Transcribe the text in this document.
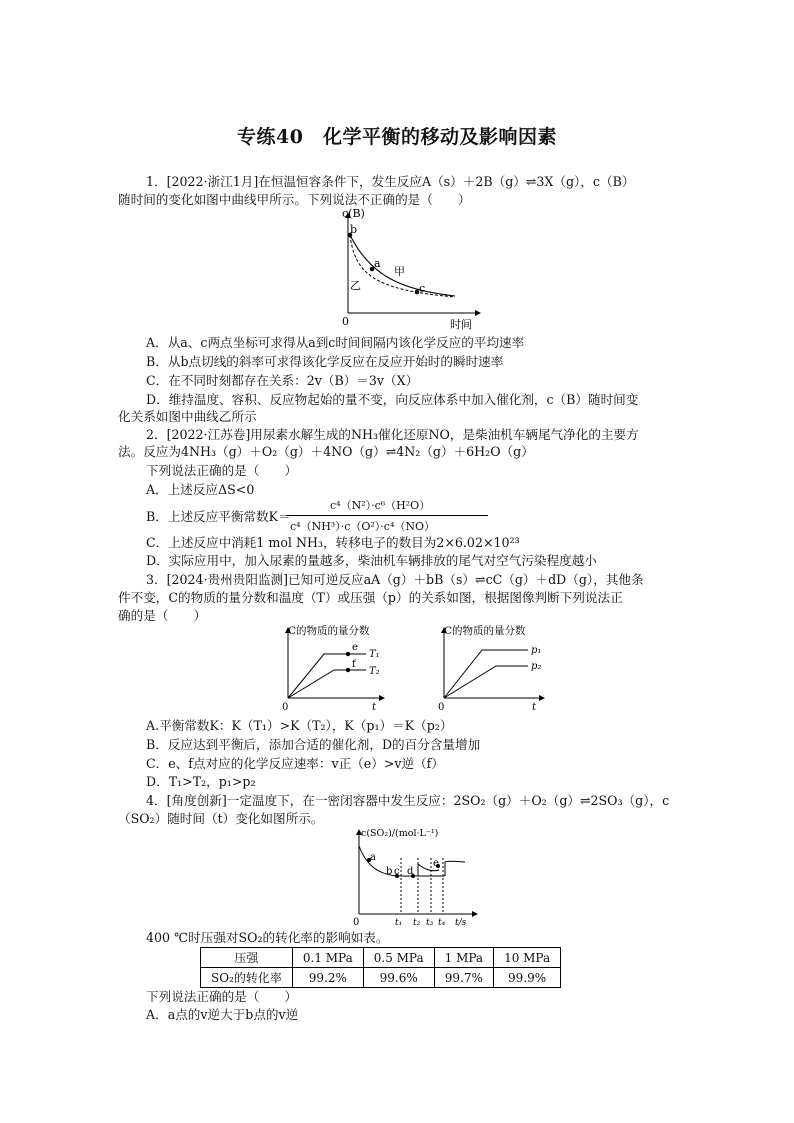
专练40　化学平衡的移动及影响因素
1．[2022·浙江1月]在恒温恒容条件下，发生反应A（s）＋2B（g）⇌3X（g），c（B）
随时间的变化如图中曲线甲所示。下列说法不正确的是（　　）
c(B)
b
a
c
甲
乙
0	时间
A．从a、c两点坐标可求得从a到c时间间隔内该化学反应的平均速率
B．从b点切线的斜率可求得该化学反应在反应开始时的瞬时速率
C．在不同时刻都存在关系：2v（B）＝3v（X）
D．维持温度、容积、反应物起始的量不变，向反应体系中加入催化剂，c（B）随时间变
化关系如图中曲线乙所示
2．[2022·江苏卷]用尿素水解生成的NH₃催化还原NO，是柴油机车辆尾气净化的主要方
法。反应为4NH₃（g）＋O₂（g）＋4NO（g）⇌4N₂（g）＋6H₂O（g）
下列说法正确的是（　　）
A．上述反应ΔS<0
B．上述反应平衡常数K＝
c⁴（N²）·c⁶（H²O）
c⁴（NH³）·c（O²）·c⁴（NO）
C．上述反应中消耗1 mol NH₃，转移电子的数目为2×6.02×10²³
D．实际应用中，加入尿素的量越多，柴油机车辆排放的尾气对空气污染程度越小
3．[2024·贵州贵阳监测]已知可逆反应aA（g）＋bB（s）⇌cC（g）＋dD（g），其他条
件不变，C的物质的量分数和温度（T）或压强（p）的关系如图，根据图像判断下列说法正
确的是（　　）
C的物质的量分数
e
f
T₁
T₂
0	t
C的物质的量分数
p₁
p₂
0	t
A.平衡常数K：K（T₁）>K（T₂），K（p₁）＝K（p₂）
B．反应达到平衡后，添加合适的催化剂，D的百分含量增加
C．e、f点对应的化学反应速率：v正（e）>v逆（f）
D．T₁>T₂，p₁>p₂
4．[角度创新]一定温度下，在一密闭容器中发生反应：2SO₂（g）＋O₂（g）⇌2SO₃（g），c
（SO₂）随时间（t）变化如图所示。
c(SO₂)/(mol·L⁻¹)
a
b c d
e
0	t₁ t₂ t₃ t₄ t/s
400 ℃时压强对SO₂的转化率的影响如表。
压强	0.1 MPa	0.5 MPa	1 MPa	10 MPa
SO₂的转化率	99.2%	99.6%	99.7%	99.9%
下列说法正确的是（　　）
A．a点的v逆大于b点的v逆
